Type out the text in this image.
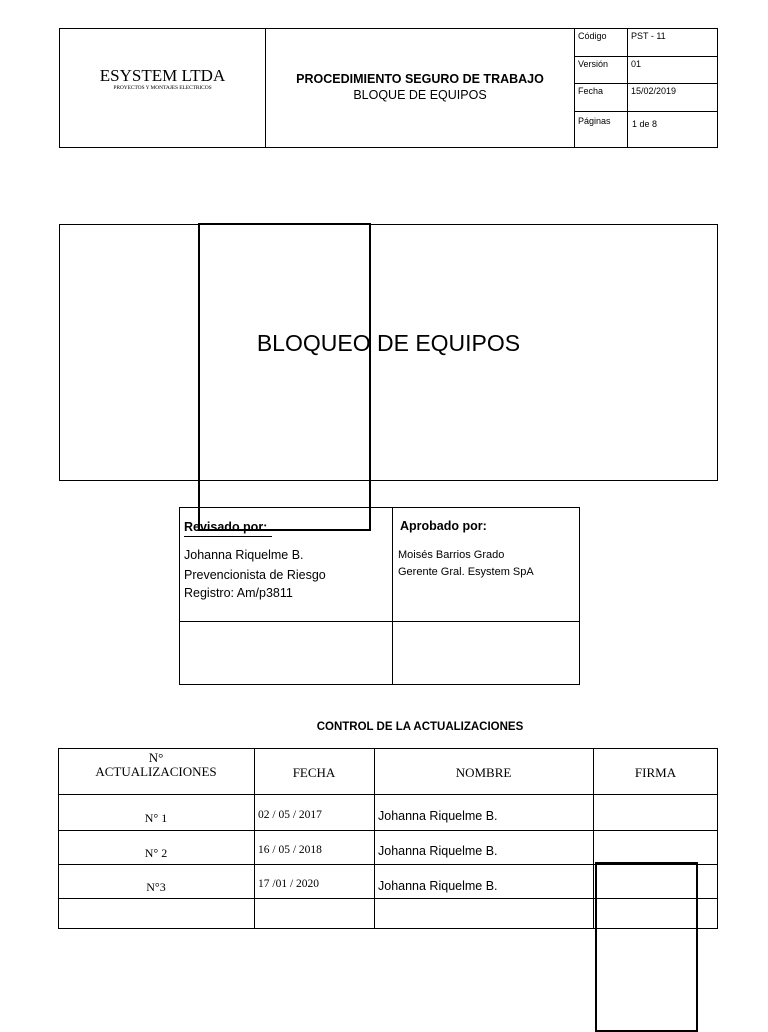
ESYSTEM LTDA
PROYECTOS Y MONTAJES ELECTRICOS
PROCEDIMIENTO SEGURO DE TRABAJO
BLOQUE DE EQUIPOS
Código	PST - 11
Versión	01
Fecha	15/02/2019
Páginas 1 de 8
BLOQUEO DE EQUIPOS
Revisado por:
Johanna Riquelme B.
Prevencionista de Riesgo
Registro: Am/p3811
Aprobado por:
Moisés Barrios Grado
Gerente Gral. Esystem SpA
CONTROL DE LA ACTUALIZACIONES
N°
ACTUALIZACIONES	FECHA	NOMBRE	FIRMA
N° 1	02 / 05 / 2017	Johanna Riquelme B.
N° 2	16 / 05 / 2018	Johanna Riquelme B.
N°3	17 /01 / 2020	Johanna Riquelme B.
